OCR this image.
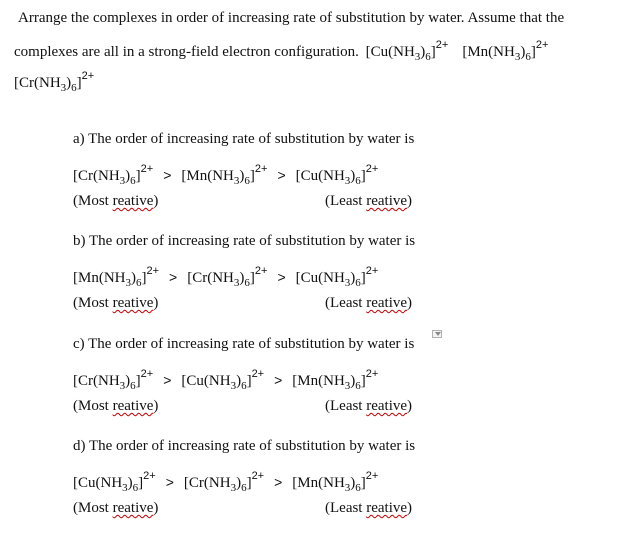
Arrange the complexes in order of increasing rate of substitution by water. Assume that the
complexes are all in a strong-field electron configuration. $[Cu(NH_3)_6]^{2+}$ $[Mn(NH_3)_6]^{2+}$
$[Cr(NH_3)_6]^{2+}$
a) The order of increasing rate of substitution by water is
$[Cr(NH_3)_6]^{2+} > [Mn(NH_3)_6]^{2+} > [Cu(NH_3)_6]^{2+}$
(Most reative)	(Least reative)
b) The order of increasing rate of substitution by water is
$[Mn(NH_3)_6]^{2+} > [Cr(NH_3)_6]^{2+} > [Cu(NH_3)_6]^{2+}$
(Most reative)	(Least reative)
c) The order of increasing rate of substitution by water is
$[Cr(NH_3)_6]^{2+} > [Cu(NH_3)_6]^{2+} > [Mn(NH_3)_6]^{2+}$
(Most reative)	(Least reative)
d) The order of increasing rate of substitution by water is
$[Cu(NH_3)_6]^{2+} > [Cr(NH_3)_6]^{2+} > [Mn(NH_3)_6]^{2+}$
(Most reative)	(Least reative)
